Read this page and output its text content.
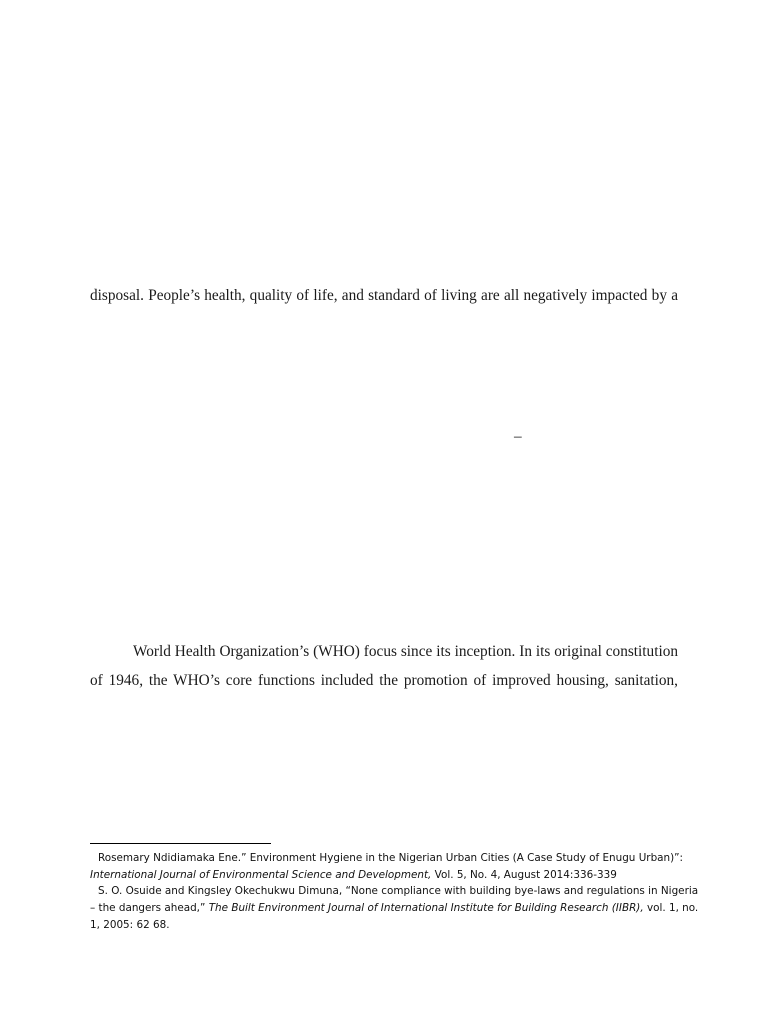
disposal. People’s health, quality of life, and standard of living are all negatively impacted by a
–
World Health Organization’s (WHO) focus since its inception. In its original constitution
of 1946, the WHO’s core functions included the promotion of improved housing, sanitation,
Rosemary Ndidiamaka Ene.” Environment Hygiene in the Nigerian Urban Cities (A Case Study of Enugu Urban)”:
International Journal of Environmental Science and Development, Vol. 5, No. 4, August 2014:336-339
S. O. Osuide and Kingsley Okechukwu Dimuna, “None compliance with building bye-laws and regulations in Nigeria
– the dangers ahead,” The Built Environment Journal of International Institute for Building Research (IIBR), vol. 1, no.
1, 2005: 62 68.
